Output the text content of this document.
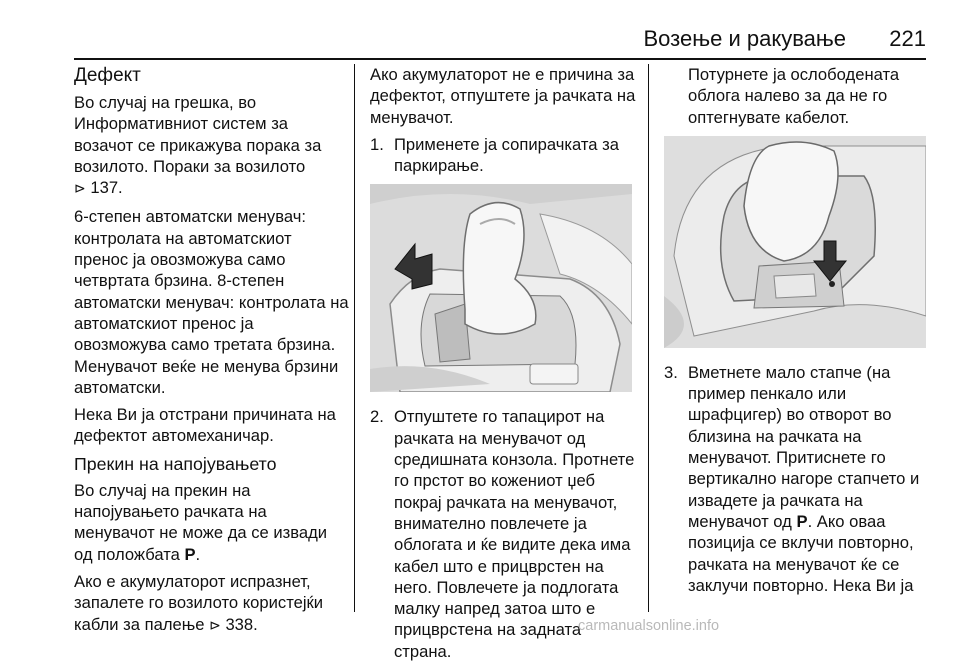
Возење и ракување 221
Дефект
Во случај на грешка, во Информативниот систем за возачот се прикажува порака за возилото. Пораки за возилото
⊳ 137.
6-степен автоматски менувач: контролата на автоматскиот пренос ја овозможува само четвртата брзина. 8-степен автоматски менувач: контролата на автоматскиот пренос ја овозможува само третата брзина. Менувачот веќе не менува брзини автоматски.
Нека Ви ја отстрани причината на дефектот автомеханичар.
Прекин на напојувањето
Во случај на прекин на напојувањето рачката на менувачот не може да се извади од положбата P.
Ако е акумулаторот испразнет, запалете го возилото користејќи кабли за палење ⊳ 338.
Ако акумулаторот не е причина за дефектот, отпуштете ја рачката на менувачот.
1. Применете ја сопирачката за паркирање.
2. Отпуштете го тапацирот на рачката на менувачот од средишната конзола. Протнете го прстот во кожениот џеб покрај рачката на менувачот, внимателно повлечете ја облогата и ќе видите дека има кабел што е прицврстен на него. Повлечете ја подлогата малку напред затоа што е прицврстена на задната страна.
Потурнете ја ослободената облога налево за да не го оптегнувате кабелот.
3. Вметнете мало стапче (на пример пенкало или шрафцигер) во отворот во близина на рачката на менувачот. Притиснете го вертикално нагоре стапчето и извадете ја рачката на менувачот од P. Ако оваа позиција се вклучи повторно, рачката на менувачот ќе се заклучи повторно. Нека Ви ја
carmanualsonline.info
